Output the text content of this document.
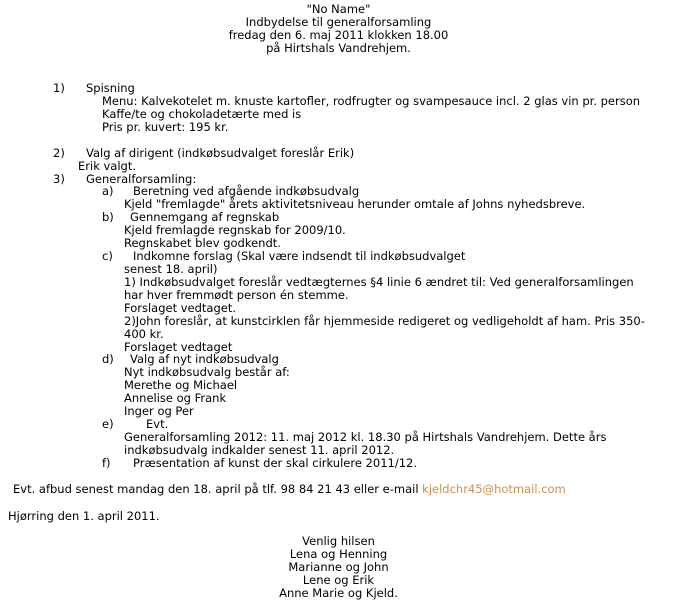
"No Name"
Indbydelse til generalforsamling
fredag den 6. maj 2011 klokken 18.00
på Hirtshals Vandrehjem.
1) Spisning
Menu: Kalvekotelet m. knuste kartofler, rodfrugter og svampesauce incl. 2 glas vin pr. person
Kaffe/te og chokoladetærte med is
Pris pr. kuvert: 195 kr.
2) Valg af dirigent (indkøbsudvalget foreslår Erik)
Erik valgt.
3) Generalforsamling:
a) Beretning ved afgående indkøbsudvalg
Kjeld "fremlagde" årets aktivitetsniveau herunder omtale af Johns nyhedsbreve.
b) Gennemgang af regnskab
Kjeld fremlagde regnskab for 2009/10.
Regnskabet blev godkendt.
c) Indkomne forslag (Skal være indsendt til indkøbsudvalget
senest 18. april)
1) Indkøbsudvalget foreslår vedtægternes §4 linie 6 ændret til: Ved generalforsamlingen
har hver fremmødt person én stemme.
Forslaget vedtaget.
2)John foreslår, at kunstcirklen får hjemmeside redigeret og vedligeholdt af ham. Pris 350-
400 kr.
Forslaget vedtaget
d) Valg af nyt indkøbsudvalg
Nyt indkøbsudvalg består af:
Merethe og Michael
Annelise og Frank
Inger og Per
e)	Evt.
Generalforsamling 2012: 11. maj 2012 kl. 18.30 på Hirtshals Vandrehjem. Dette års
indkøbsudvalg indkalder senest 11. april 2012.
f) Præsentation af kunst der skal cirkulere 2011/12.
Evt. afbud senest mandag den 18. april på tlf. 98 84 21 43 eller e-mail kjeldchr45@hotmail.com
Hjørring den 1. april 2011.
Venlig hilsen
Lena og Henning
Marianne og John
Lene og Erik
Anne Marie og Kjeld.
